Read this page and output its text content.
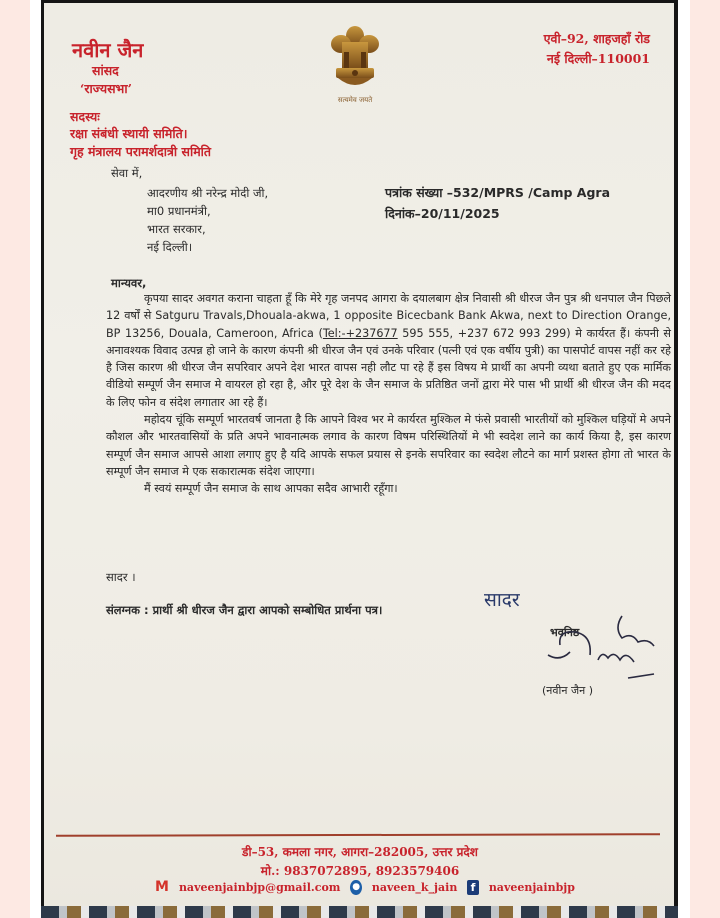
नवीन जैन
सांसद
‘राज्यसभा’
सदस्यः
रक्षा संबंधी स्थायी समिति।
गृह मंत्रालय परामर्शदात्री समिति
सत्यमेव जयते
एवी–92, शाहजहाँ रोड
नई दिल्ली–110001
सेवा में,
आदरणीय श्री नरेन्द्र मोदी जी,
मा0 प्रधानमंत्री,
भारत सरकार,
नई दिल्ली।
पत्रांक संख्या –532/MPRS /Camp Agra
दिनांक–20/11/2025
मान्यवर,

कृपया सादर अवगत कराना चाहता हूँ कि मेरे गृह जनपद आगरा के दयालबाग क्षेत्र निवासी श्री धीरज जैन पुत्र श्री धनपाल जैन पिछले 12 वर्षों से Satguru Travals,Dhouala-akwa, 1 opposite Bicecbank Bank Akwa, next to Direction Orange, BP 13256, Douala, Cameroon, Africa (Tel:-+237677 595 555, +237 672 993 299) मे कार्यरत हैं। कंपनी से अनावश्यक विवाद उत्पन्न हो जाने के कारण कंपनी श्री धीरज जैन एवं उनके परिवार (पत्नी एवं एक वर्षीय पुत्री) का पासपोर्ट वापस नहीं कर रहे है जिस कारण श्री धीरज जैन सपरिवार अपने देश भारत वापस नही लौट पा रहे हैं इस विषय मे प्रार्थी का अपनी व्यथा बताते हुए एक मार्मिक वीडियो सम्पूर्ण जैन समाज मे वायरल हो रहा है, और पूरे देश के जैन समाज के प्रतिष्ठित जनों द्वारा मेरे पास भी प्रार्थी श्री धीरज जैन की मदद के लिए फोन व संदेश लगातार आ रहे हैं।

महोदय चूंकि सम्पूर्ण भारतवर्ष जानता है कि आपने विश्व भर मे कार्यरत मुश्किल मे फंसे प्रवासी भारतीयों को मुश्किल घड़ियों मे अपने कौशल और भारतवासियों के प्रति अपने भावनात्मक लगाव के कारण विषम परिस्थितियों मे भी स्वदेश लाने का कार्य किया है, इस कारण सम्पूर्ण जैन समाज आपसे आशा लगाए हुए है यदि आपके सफल प्रयास से इनके सपरिवार का स्वदेश लौटने का मार्ग प्रशस्त होगा तो भारत के सम्पूर्ण जैन समाज मे एक सकारात्मक संदेश जाएगा।

मैं स्वयं सम्पूर्ण जैन समाज के साथ आपका सदैव आभारी रहूँगा।

सादर ।
संलग्नक : प्रार्थी श्री धीरज जैन द्वारा आपको सम्बोधित प्रार्थना पत्र।	सादर
भवनिष्ठ
(नवीन जैन )
डी–53, कमला नगर, आगरा–282005, उत्तर प्रदेश
मो.: 9837072895, 8923579406
M naveenjainbjp@gmail.com ● naveen_k_jain	f	naveenjainbjp
